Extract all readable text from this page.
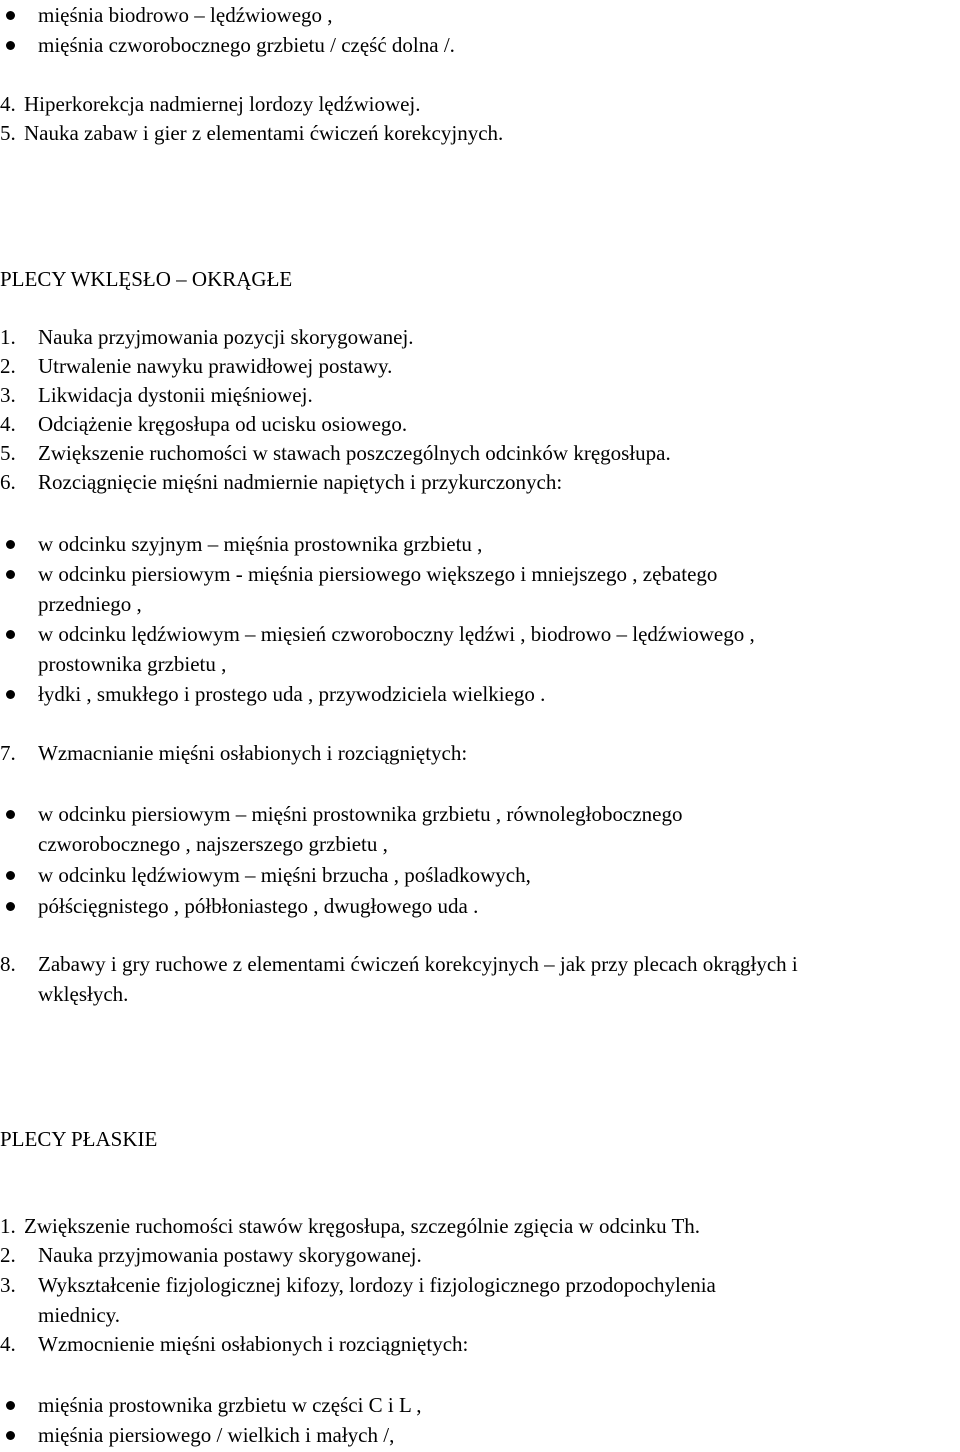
mięśnia biodrowo – lędźwiowego ,
mięśnia czworobocznego grzbietu / część dolna /.
4. Hiperkorekcja nadmiernej lordozy lędźwiowej.
5. Nauka zabaw i gier z elementami ćwiczeń korekcyjnych.
PLECY WKLĘSŁO – OKRĄGŁE
1. Nauka przyjmowania pozycji skorygowanej.
2. Utrwalenie nawyku prawidłowej postawy.
3. Likwidacja dystonii mięśniowej.
4. Odciążenie kręgosłupa od ucisku osiowego.
5. Zwiększenie ruchomości w stawach poszczególnych odcinków kręgosłupa.
6. Rozciągnięcie mięśni nadmiernie napiętych i przykurczonych:
w odcinku szyjnym – mięśnia prostownika grzbietu ,
w odcinku piersiowym - mięśnia piersiowego większego i mniejszego , zębatego
przedniego ,
w odcinku lędźwiowym – mięsień czworoboczny lędźwi , biodrowo – lędźwiowego ,
prostownika grzbietu ,
łydki , smukłego i prostego uda , przywodziciela wielkiego .
7. Wzmacnianie mięśni osłabionych i rozciągniętych:
w odcinku piersiowym – mięśni prostownika grzbietu , równoległobocznego
czworobocznego , najszerszego grzbietu ,
w odcinku lędźwiowym – mięśni brzucha , pośladkowych,
półścięgnistego , półbłoniastego , dwugłowego uda .
8. Zabawy i gry ruchowe z elementami ćwiczeń korekcyjnych – jak przy plecach okrągłych i
wklęsłych.
PLECY PŁASKIE
1. Zwiększenie ruchomości stawów kręgosłupa, szczególnie zgięcia w odcinku Th.
2. Nauka przyjmowania postawy skorygowanej.
3. Wykształcenie fizjologicznej kifozy, lordozy i fizjologicznego przodopochylenia
miednicy.
4. Wzmocnienie mięśni osłabionych i rozciągniętych:
mięśnia prostownika grzbietu w części C i L ,
mięśnia piersiowego / wielkich i małych /,
